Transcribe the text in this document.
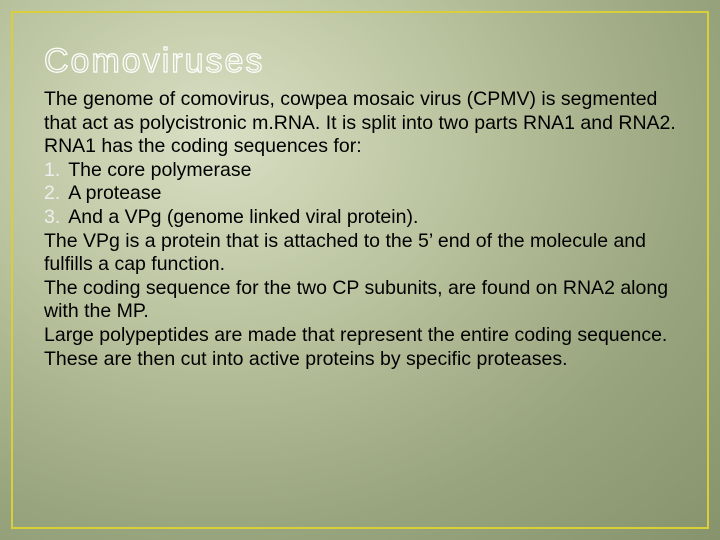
Comoviruses

The genome of comovirus, cowpea mosaic virus (CPMV) is segmented that act as polycistronic m.RNA. It is split into two parts RNA1 and RNA2.

RNA1 has the coding sequences for:

1. The core polymerase

2. A protease

3. And a VPg (genome linked viral protein).

The VPg is a protein that is attached to the 5’ end of the molecule and fulfills a cap function.

The coding sequence for the two CP subunits, are found on RNA2 along with the MP.

Large polypeptides are made that represent the entire coding sequence. These are then cut into active proteins by specific proteases.
